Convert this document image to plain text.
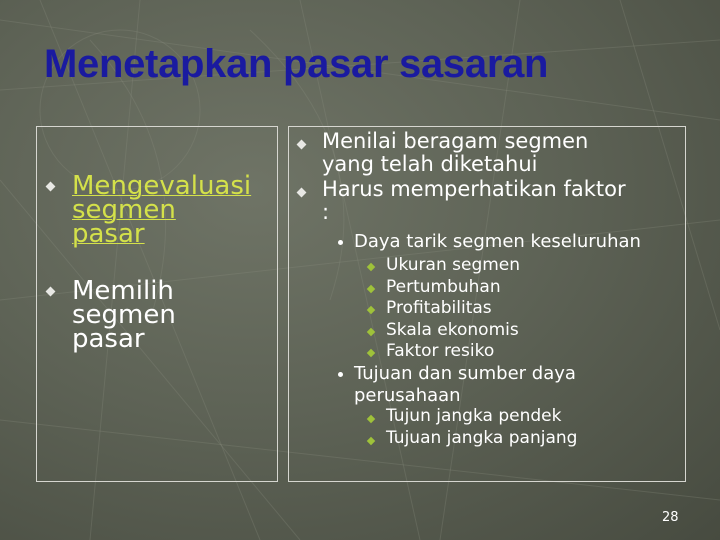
Menetapkan pasar sasaran
Mengevaluasi
segmen
pasar
Memilih
segmen
pasar
Menilai beragam segmen
yang telah diketahui
Harus memperhatikan faktor
:
Daya tarik segmen keseluruhan
Ukuran segmen
Pertumbuhan
Profitabilitas
Skala ekonomis
Faktor resiko
Tujuan dan sumber daya
perusahaan
Tujun jangka pendek
Tujuan jangka panjang
28
